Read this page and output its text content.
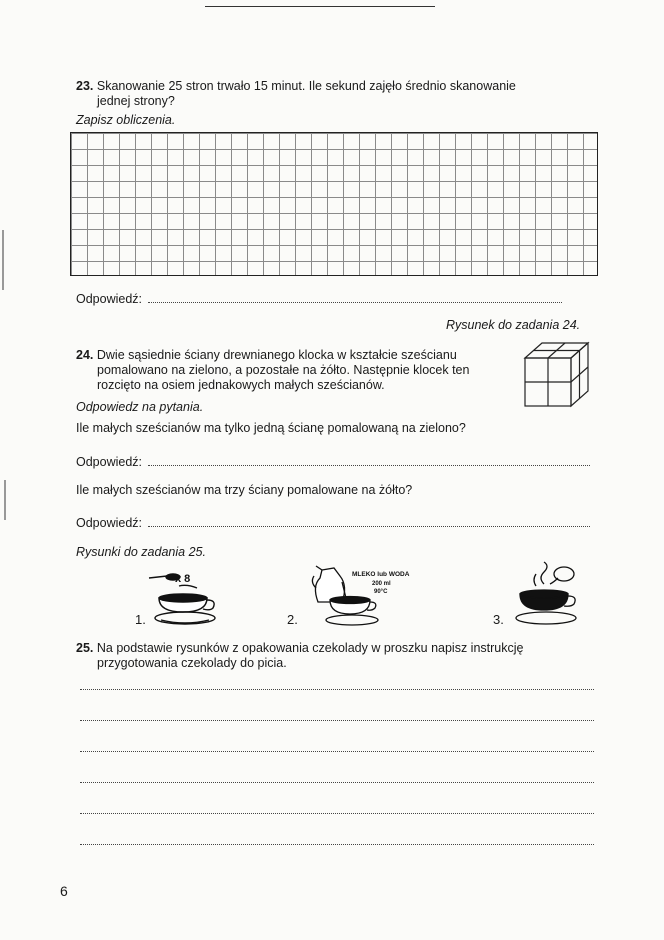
23. Skanowanie 25 stron trwało 15 minut. Ile sekund zajęło średnio skanowanie
jednej strony?
Zapisz obliczenia.
Odpowiedź:
Rysunek do zadania 24.
24. Dwie sąsiednie ściany drewnianego klocka w kształcie sześcianu
pomalowano na zielono, a pozostałe na żółto. Następnie klocek ten
rozcięto na osiem jednakowych małych sześcianów.
Odpowiedz na pytania.
Ile małych sześcianów ma tylko jedną ścianę pomalowaną na zielono?
Odpowiedź:
Ile małych sześcianów ma trzy ściany pomalowane na żółto?
Odpowiedź:
Rysunki do zadania 25.
x 8
1.
MLEKO lub WODA
200 ml
90°C
2.	3.
25. Na podstawie rysunków z opakowania czekolady w proszku napisz instrukcję
przygotowania czekolady do picia.
6
